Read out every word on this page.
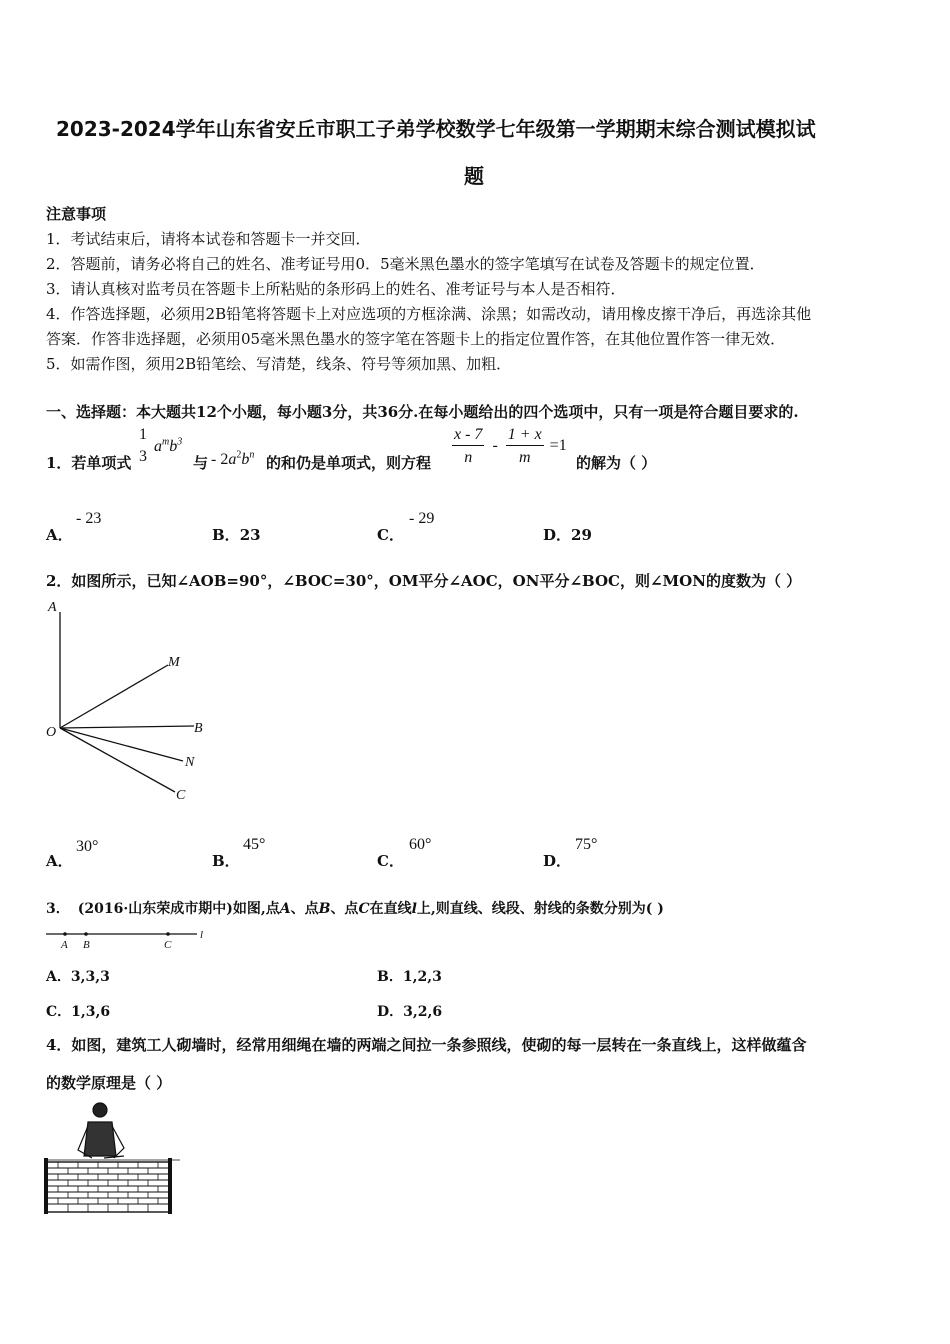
2023-2024学年山东省安丘市职工子弟学校数学七年级第一学期期末综合测试模拟试
题
注意事项
1．考试结束后，请将本试卷和答题卡一并交回．
2．答题前，请务必将自己的姓名、准考证号用0．5毫米黑色墨水的签字笔填写在试卷及答题卡的规定位置．
3．请认真核对监考员在答题卡上所粘贴的条形码上的姓名、准考证号与本人是否相符．
4．作答选择题，必须用2B铅笔将答题卡上对应选项的方框涂满、涂黑；如需改动，请用橡皮擦干净后，再选涂其他
答案．作答非选择题，必须用05毫米黑色墨水的签字笔在答题卡上的指定位置作答，在其他位置作答一律无效．
5．如需作图，须用2B铅笔绘、写清楚，线条、符号等须加黑、加粗．
一、选择题：本大题共12个小题，每小题3分，共36分.在每小题给出的四个选项中，只有一项是符合题目要求的.
1．若单项式
1
3
$a^mb^3$
与 - $2a^2b^n$ 的和仍是单项式，则方程 $\frac{x - 7}{n} - \frac{1 + x}{m} =1$
的解为（ ）
A．
- 23
B．23	C．
- 29
D．29
2．如图所示，已知∠AOB=90°，∠BOC=30°，OM平分∠AOC，ON平分∠BOC，则∠MON的度数为（ ）
A
M
O	B
N
C
A．
30°
B．
45°
C．
60°
D．
75°
3． (2016·山东荣成市期中)如图,点A、点B、点C在直线l上,则直线、线段、射线的条数分别为( )
A B	C
l
A．3,3,3	B．1,2,3
C．1,3,6	D．3,2,6
4．如图，建筑工人砌墙时，经常用细绳在墙的两端之间拉一条参照线，使砌的每一层转在一条直线上，这样做蕴含
的数学原理是（ ）
